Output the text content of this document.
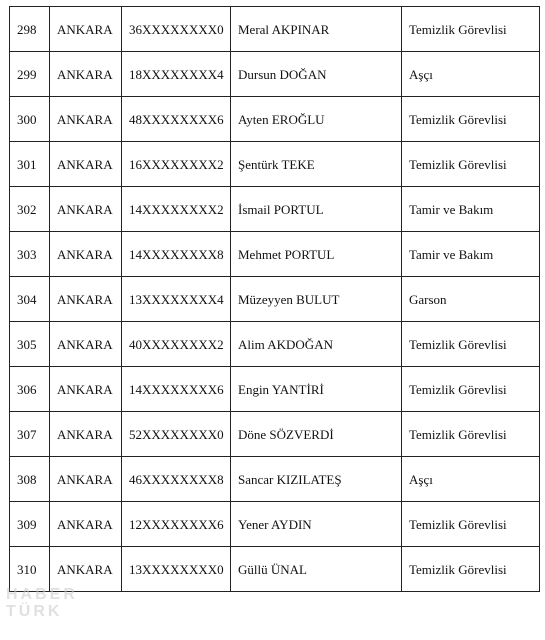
298	ANKARA	36XXXXXXXX0	Meral AKPINAR	Temizlik Görevlisi
299	ANKARA	18XXXXXXXX4	Dursun DOĞAN	Aşçı
300	ANKARA	48XXXXXXXX6	Ayten EROĞLU	Temizlik Görevlisi
301	ANKARA	16XXXXXXXX2	Şentürk TEKE	Temizlik Görevlisi
302	ANKARA	14XXXXXXXX2	İsmail PORTUL	Tamir ve Bakım
303	ANKARA	14XXXXXXXX8	Mehmet PORTUL	Tamir ve Bakım
304	ANKARA	13XXXXXXXX4	Müzeyyen BULUT	Garson
305	ANKARA	40XXXXXXXX2	Alim AKDOĞAN	Temizlik Görevlisi
306	ANKARA	14XXXXXXXX6	Engin YANTİRİ	Temizlik Görevlisi
307	ANKARA	52XXXXXXXX0	Döne SÖZVERDİ	Temizlik Görevlisi
308	ANKARA	46XXXXXXXX8	Sancar KIZILATEŞ	Aşçı
309	ANKARA	12XXXXXXXX6	Yener AYDIN	Temizlik Görevlisi
310	ANKARA	13XXXXXXXX0	Güllü ÜNAL	Temizlik Görevlisi
HABER
TÜRK
